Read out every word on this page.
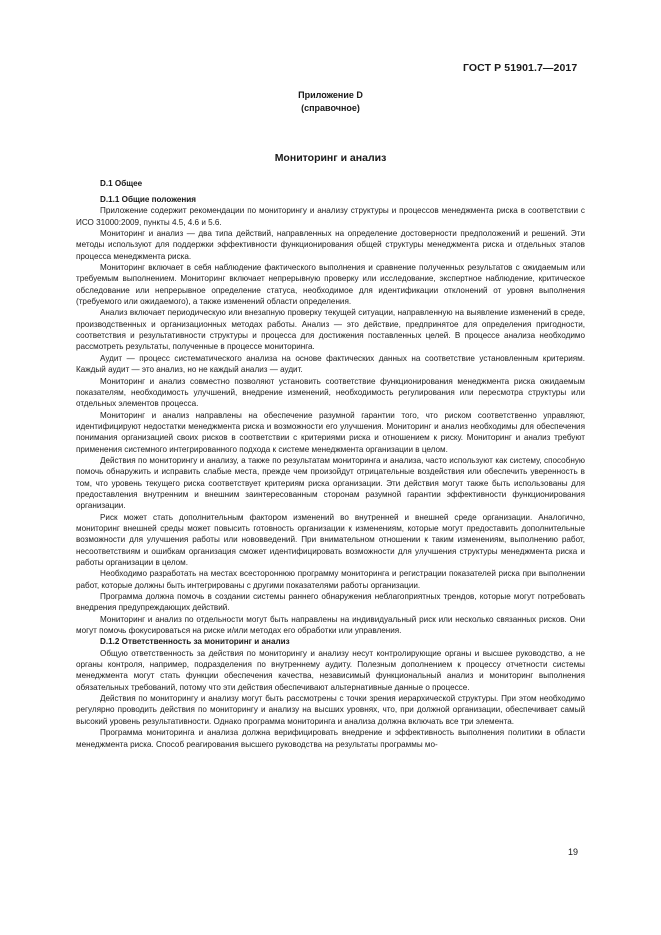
ГОСТ Р 51901.7—2017
Приложение D
(справочное)
Мониторинг и анализ
D.1 Общее
D.1.1 Общие положения

Приложение содержит рекомендации по мониторингу и анализу структуры и процессов менеджмента риска в соответствии с ИСО 31000:2009, пункты 4.5, 4.6 и 5.6.

Мониторинг и анализ — два типа действий, направленных на определение достоверности предположений и решений. Эти методы используют для поддержки эффективности функционирования общей структуры менеджмента риска и отдельных этапов процесса менеджмента риска.

Мониторинг включает в себя наблюдение фактического выполнения и сравнение полученных результатов с ожидаемым или требуемым выполнением. Мониторинг включает непрерывную проверку или исследование, экспертное наблюдение, критическое обследование или непрерывное определение статуса, необходимое для идентификации отклонений от уровня выполнения (требуемого или ожидаемого), а также изменений области определения.

Анализ включает периодическую или внезапную проверку текущей ситуации, направленную на выявление изменений в среде, производственных и организационных методах работы. Анализ — это действие, предпринятое для определения пригодности, соответствия и результативности структуры и процесса для достижения поставленных целей. В процессе анализа необходимо рассмотреть результаты, полученные в процессе мониторинга.

Аудит — процесс систематического анализа на основе фактических данных на соответствие установленным критериям. Каждый аудит — это анализ, но не каждый анализ — аудит.

Мониторинг и анализ совместно позволяют установить соответствие функционирования менеджмента риска ожидаемым показателям, необходимость улучшений, внедрение изменений, необходимость регулирования или пересмотра структуры или отдельных элементов процесса.

Мониторинг и анализ направлены на обеспечение разумной гарантии того, что риском соответственно управляют, идентифицируют недостатки менеджмента риска и возможности его улучшения. Мониторинг и анализ необходимы для обеспечения понимания организацией своих рисков в соответствии с критериями риска и отношением к риску. Мониторинг и анализ требуют применения системного интегрированного подхода к системе менеджмента организации в целом.

Действия по мониторингу и анализу, а также по результатам мониторинга и анализа, часто используют как систему, способную помочь обнаружить и исправить слабые места, прежде чем произойдут отрицательные воздействия или обеспечить уверенность в том, что уровень текущего риска соответствует критериям риска организации. Эти действия могут также быть использованы для предоставления внутренним и внешним заинтересованным сторонам разумной гарантии эффективности функционирования организации.

Риск может стать дополнительным фактором изменений во внутренней и внешней среде организации. Аналогично, мониторинг внешней среды может повысить готовность организации к изменениям, которые могут предоставить дополнительные возможности для улучшения работы или нововведений. При внимательном отношении к таким изменениям, выполнению работ, несоответствиям и ошибкам организация сможет идентифицировать возможности для улучшения структуры менеджмента риска и работы организации в целом.

Необходимо разработать на местах всестороннюю программу мониторинга и регистрации показателей риска при выполнении работ, которые должны быть интегрированы с другими показателями работы организации.

Программа должна помочь в создании системы раннего обнаружения неблагоприятных трендов, которые могут потребовать внедрения предупреждающих действий.

Мониторинг и анализ по отдельности могут быть направлены на индивидуальный риск или несколько связанных рисков. Они могут помочь фокусироваться на риске и/или методах его обработки или управления.

D.1.2 Ответственность за мониторинг и анализ

Общую ответственность за действия по мониторингу и анализу несут контролирующие органы и высшее руководство, а не органы контроля, например, подразделения по внутреннему аудиту. Полезным дополнением к процессу отчетности системы менеджмента могут стать функции обеспечения качества, независимый функциональный анализ и мониторинг выполнения обязательных требований, потому что эти действия обеспечивают альтернативные данные о процессе.

Действия по мониторингу и анализу могут быть рассмотрены с точки зрения иерархической структуры. При этом необходимо регулярно проводить действия по мониторингу и анализу на высших уровнях, что, при должной организации, обеспечивает самый высокий уровень результативности. Однако программа мониторинга и анализа должна включать все три элемента.

Программа мониторинга и анализа должна верифицировать внедрение и эффективность выполнения политики в области менеджмента риска. Способ реагирования высшего руководства на результаты программы мо-

19
